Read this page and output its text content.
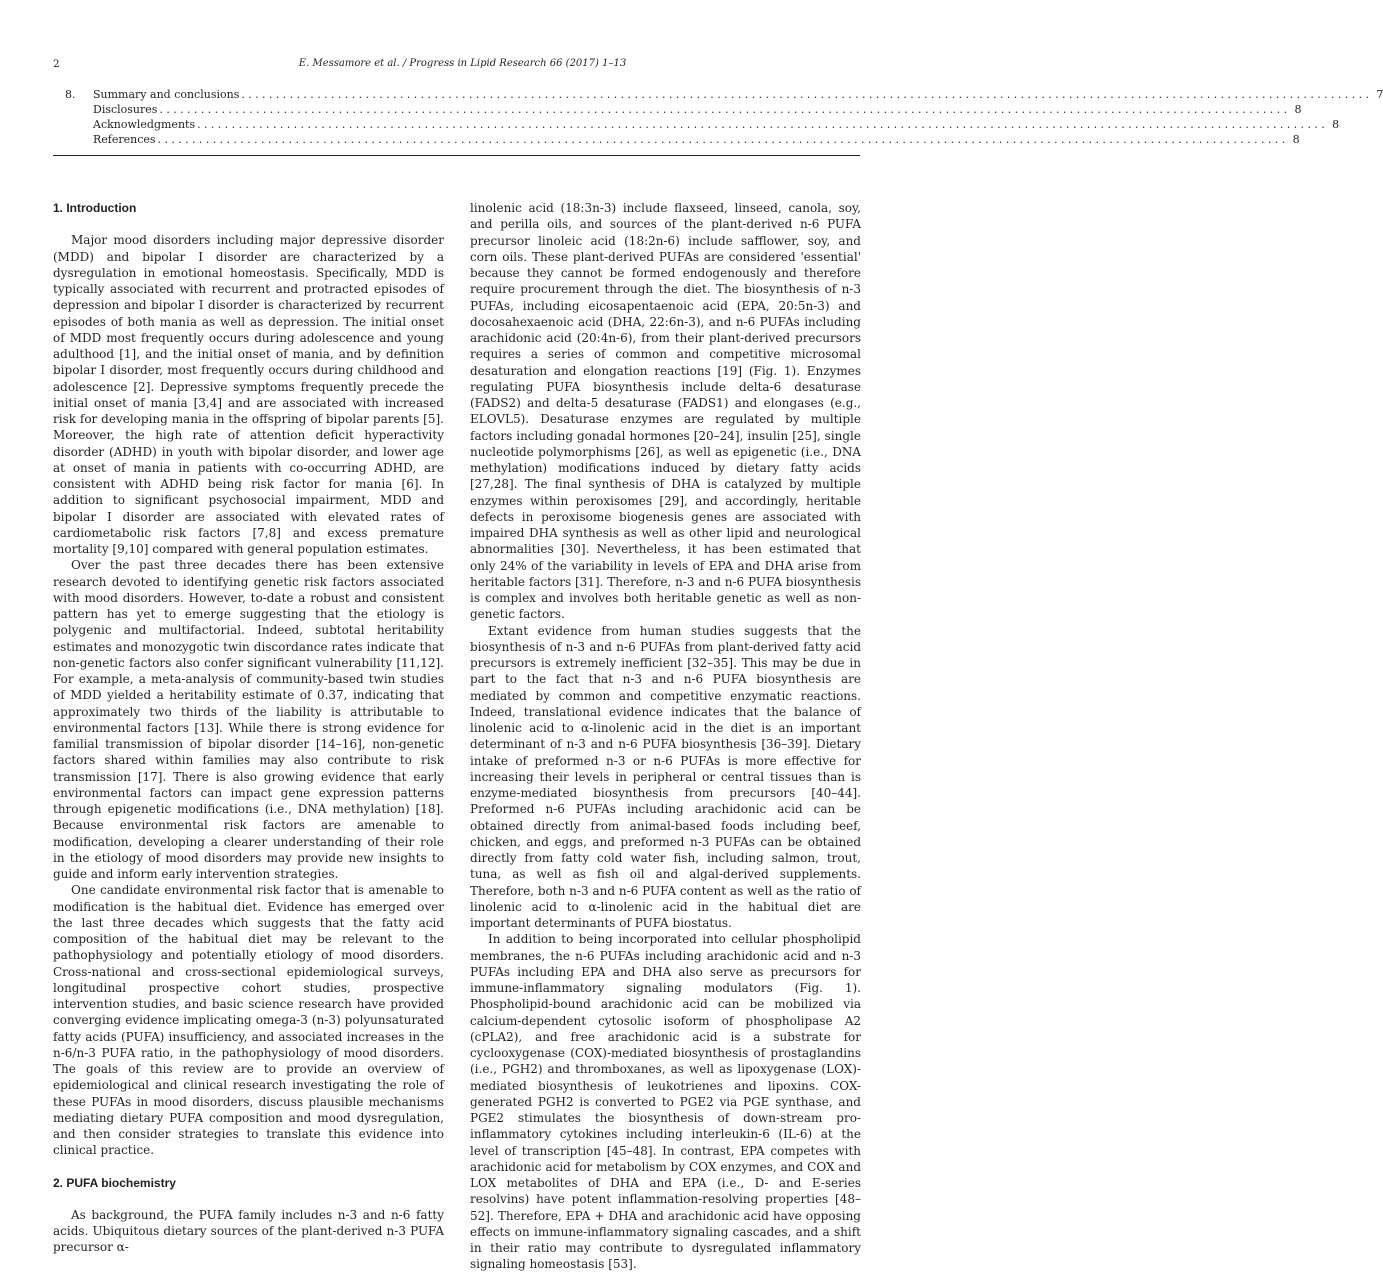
2	E. Messamore et al. / Progress in Lipid Research 66 (2017) 1–13
8. Summary and conclusions .................................................................................................................................................................... 7
Disclosures .................................................................................................................................................................... 8
Acknowledgments .................................................................................................................................................................... 8
References .................................................................................................................................................................... 8
1. Introduction

Major mood disorders including major depressive disorder (MDD) and bipolar I disorder are characterized by a dysregulation in emotional homeostasis. Specifically, MDD is typically associated with recurrent and protracted episodes of depression and bipolar I disorder is characterized by recurrent episodes of both mania as well as depression. The initial onset of MDD most frequently occurs during adolescence and young adulthood [1], and the initial onset of mania, and by definition bipolar I disorder, most frequently occurs during childhood and adolescence [2]. Depressive symptoms frequently precede the initial onset of mania [3,4] and are associated with increased risk for developing mania in the offspring of bipolar parents [5]. Moreover, the high rate of attention deficit hyperactivity disorder (ADHD) in youth with bipolar disorder, and lower age at onset of mania in patients with co-occurring ADHD, are consistent with ADHD being risk factor for mania [6]. In addition to significant psychosocial impairment, MDD and bipolar I disorder are associated with elevated rates of cardiometabolic risk factors [7,8] and excess premature mortality [9,10] compared with general population estimates.

Over the past three decades there has been extensive research devoted to identifying genetic risk factors associated with mood disorders. However, to-date a robust and consistent pattern has yet to emerge suggesting that the etiology is polygenic and multifactorial. Indeed, subtotal heritability estimates and monozygotic twin discordance rates indicate that non-genetic factors also confer significant vulnerability [11,12]. For example, a meta-analysis of community-based twin studies of MDD yielded a heritability estimate of 0.37, indicating that approximately two thirds of the liability is attributable to environmental factors [13]. While there is strong evidence for familial transmission of bipolar disorder [14–16], non-genetic factors shared within families may also contribute to risk transmission [17]. There is also growing evidence that early environmental factors can impact gene expression patterns through epigenetic modifications (i.e., DNA methylation) [18]. Because environmental risk factors are amenable to modification, developing a clearer understanding of their role in the etiology of mood disorders may provide new insights to guide and inform early intervention strategies.

One candidate environmental risk factor that is amenable to modification is the habitual diet. Evidence has emerged over the last three decades which suggests that the fatty acid composition of the habitual diet may be relevant to the pathophysiology and potentially etiology of mood disorders. Cross-national and cross-sectional epidemiological surveys, longitudinal prospective cohort studies, prospective intervention studies, and basic science research have provided converging evidence implicating omega-3 (n-3) polyunsaturated fatty acids (PUFA) insufficiency, and associated increases in the n-6/n-3 PUFA ratio, in the pathophysiology of mood disorders. The goals of this review are to provide an overview of epidemiological and clinical research investigating the role of these PUFAs in mood disorders, discuss plausible mechanisms mediating dietary PUFA composition and mood dysregulation, and then consider strategies to translate this evidence into clinical practice.

2. PUFA biochemistry

As background, the PUFA family includes n-3 and n-6 fatty acids. Ubiquitous dietary sources of the plant-derived n-3 PUFA precursor α-

linolenic acid (18:3n-3) include flaxseed, linseed, canola, soy, and perilla oils, and sources of the plant-derived n-6 PUFA precursor linoleic acid (18:2n-6) include safflower, soy, and corn oils. These plant-derived PUFAs are considered 'essential' because they cannot be formed endogenously and therefore require procurement through the diet. The biosynthesis of n-3 PUFAs, including eicosapentaenoic acid (EPA, 20:5n-3) and docosahexaenoic acid (DHA, 22:6n-3), and n-6 PUFAs including arachidonic acid (20:4n-6), from their plant-derived precursors requires a series of common and competitive microsomal desaturation and elongation reactions [19] (Fig. 1). Enzymes regulating PUFA biosynthesis include delta-6 desaturase (FADS2) and delta-5 desaturase (FADS1) and elongases (e.g., ELOVL5). Desaturase enzymes are regulated by multiple factors including gonadal hormones [20–24], insulin [25], single nucleotide polymorphisms [26], as well as epigenetic (i.e., DNA methylation) modifications induced by dietary fatty acids [27,28]. The final synthesis of DHA is catalyzed by multiple enzymes within peroxisomes [29], and accordingly, heritable defects in peroxisome biogenesis genes are associated with impaired DHA synthesis as well as other lipid and neurological abnormalities [30]. Nevertheless, it has been estimated that only 24% of the variability in levels of EPA and DHA arise from heritable factors [31]. Therefore, n-3 and n-6 PUFA biosynthesis is complex and involves both heritable genetic as well as non-genetic factors.

Extant evidence from human studies suggests that the biosynthesis of n-3 and n-6 PUFAs from plant-derived fatty acid precursors is extremely inefficient [32–35]. This may be due in part to the fact that n-3 and n-6 PUFA biosynthesis are mediated by common and competitive enzymatic reactions. Indeed, translational evidence indicates that the balance of linolenic acid to α-linolenic acid in the diet is an important determinant of n-3 and n-6 PUFA biosynthesis [36–39]. Dietary intake of preformed n-3 or n-6 PUFAs is more effective for increasing their levels in peripheral or central tissues than is enzyme-mediated biosynthesis from precursors [40–44]. Preformed n-6 PUFAs including arachidonic acid can be obtained directly from animal-based foods including beef, chicken, and eggs, and preformed n-3 PUFAs can be obtained directly from fatty cold water fish, including salmon, trout, tuna, as well as fish oil and algal-derived supplements. Therefore, both n-3 and n-6 PUFA content as well as the ratio of linolenic acid to α-linolenic acid in the habitual diet are important determinants of PUFA biostatus.

In addition to being incorporated into cellular phospholipid membranes, the n-6 PUFAs including arachidonic acid and n-3 PUFAs including EPA and DHA also serve as precursors for immune-inflammatory signaling modulators (Fig. 1). Phospholipid-bound arachidonic acid can be mobilized via calcium-dependent cytosolic isoform of phospholipase A2 (cPLA2), and free arachidonic acid is a substrate for cyclooxygenase (COX)-mediated biosynthesis of prostaglandins (i.e., PGH2) and thromboxanes, as well as lipoxygenase (LOX)-mediated biosynthesis of leukotrienes and lipoxins. COX-generated PGH2 is converted to PGE2 via PGE synthase, and PGE2 stimulates the biosynthesis of down-stream pro-inflammatory cytokines including interleukin-6 (IL-6) at the level of transcription [45–48]. In contrast, EPA competes with arachidonic acid for metabolism by COX enzymes, and COX and LOX metabolites of DHA and EPA (i.e., D- and E-series resolvins) have potent inflammation-resolving properties [48–52]. Therefore, EPA + DHA and arachidonic acid have opposing effects on immune-inflammatory signaling cascades, and a shift in their ratio may contribute to dysregulated inflammatory signaling homeostasis [53].
